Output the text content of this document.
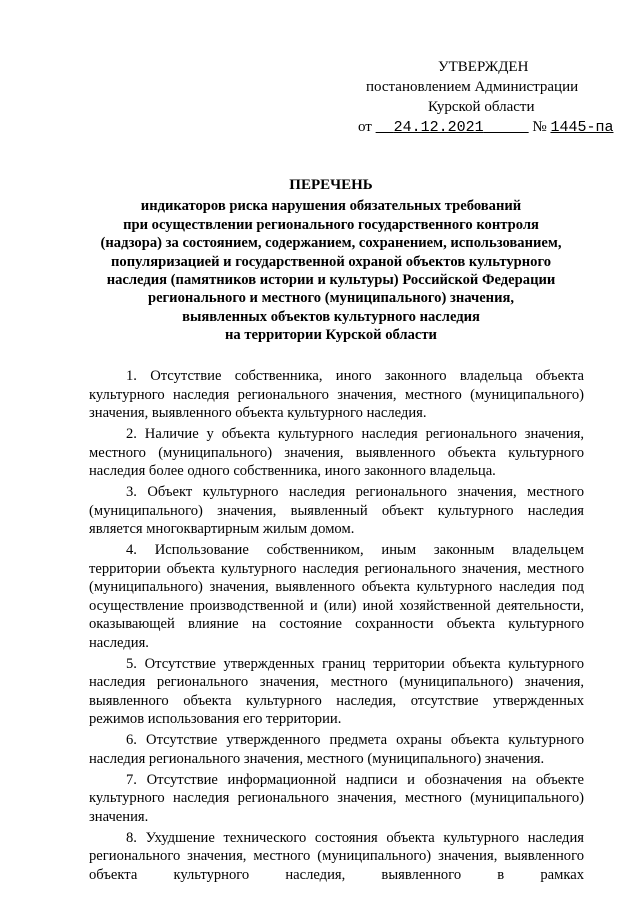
УТВЕРЖДЕН
постановлением Администрации
Курской области
от 24.12.2021	№ 1445-па
ПЕРЕЧЕНЬ
индикаторов риска нарушения обязательных требований
при осуществлении регионального государственного контроля
(надзора) за состоянием, содержанием, сохранением, использованием,
популяризацией и государственной охраной объектов культурного
наследия (памятников истории и культуры) Российской Федерации
регионального и местного (муниципального) значения,
выявленных объектов культурного наследия
на территории Курской области

1. Отсутствие собственника, иного законного владельца объекта культурного наследия регионального значения, местного (муниципального) значения, выявленного объекта культурного наследия.

2. Наличие у объекта культурного наследия регионального значения, местного (муниципального) значения, выявленного объекта культурного наследия более одного собственника, иного законного владельца.

3. Объект культурного наследия регионального значения, местного (муниципального) значения, выявленный объект культурного наследия является многоквартирным жилым домом.

4. Использование собственником, иным законным владельцем территории объекта культурного наследия регионального значения, местного (муниципального) значения, выявленного объекта культурного наследия под осуществление производственной и (или) иной хозяйственной деятельности, оказывающей влияние на состояние сохранности объекта культурного наследия.

5. Отсутствие утвержденных границ территории объекта культурного наследия регионального значения, местного (муниципального) значения, выявленного объекта культурного наследия, отсутствие утвержденных режимов использования его территории.

6. Отсутствие утвержденного предмета охраны объекта культурного наследия регионального значения, местного (муниципального) значения.

7. Отсутствие информационной надписи и обозначения на объекте культурного наследия регионального значения, местного (муниципального) значения.

8. Ухудшение технического состояния объекта культурного наследия регионального значения, местного (муниципального) значения, выявленного объекта культурного наследия, выявленного в рамках
